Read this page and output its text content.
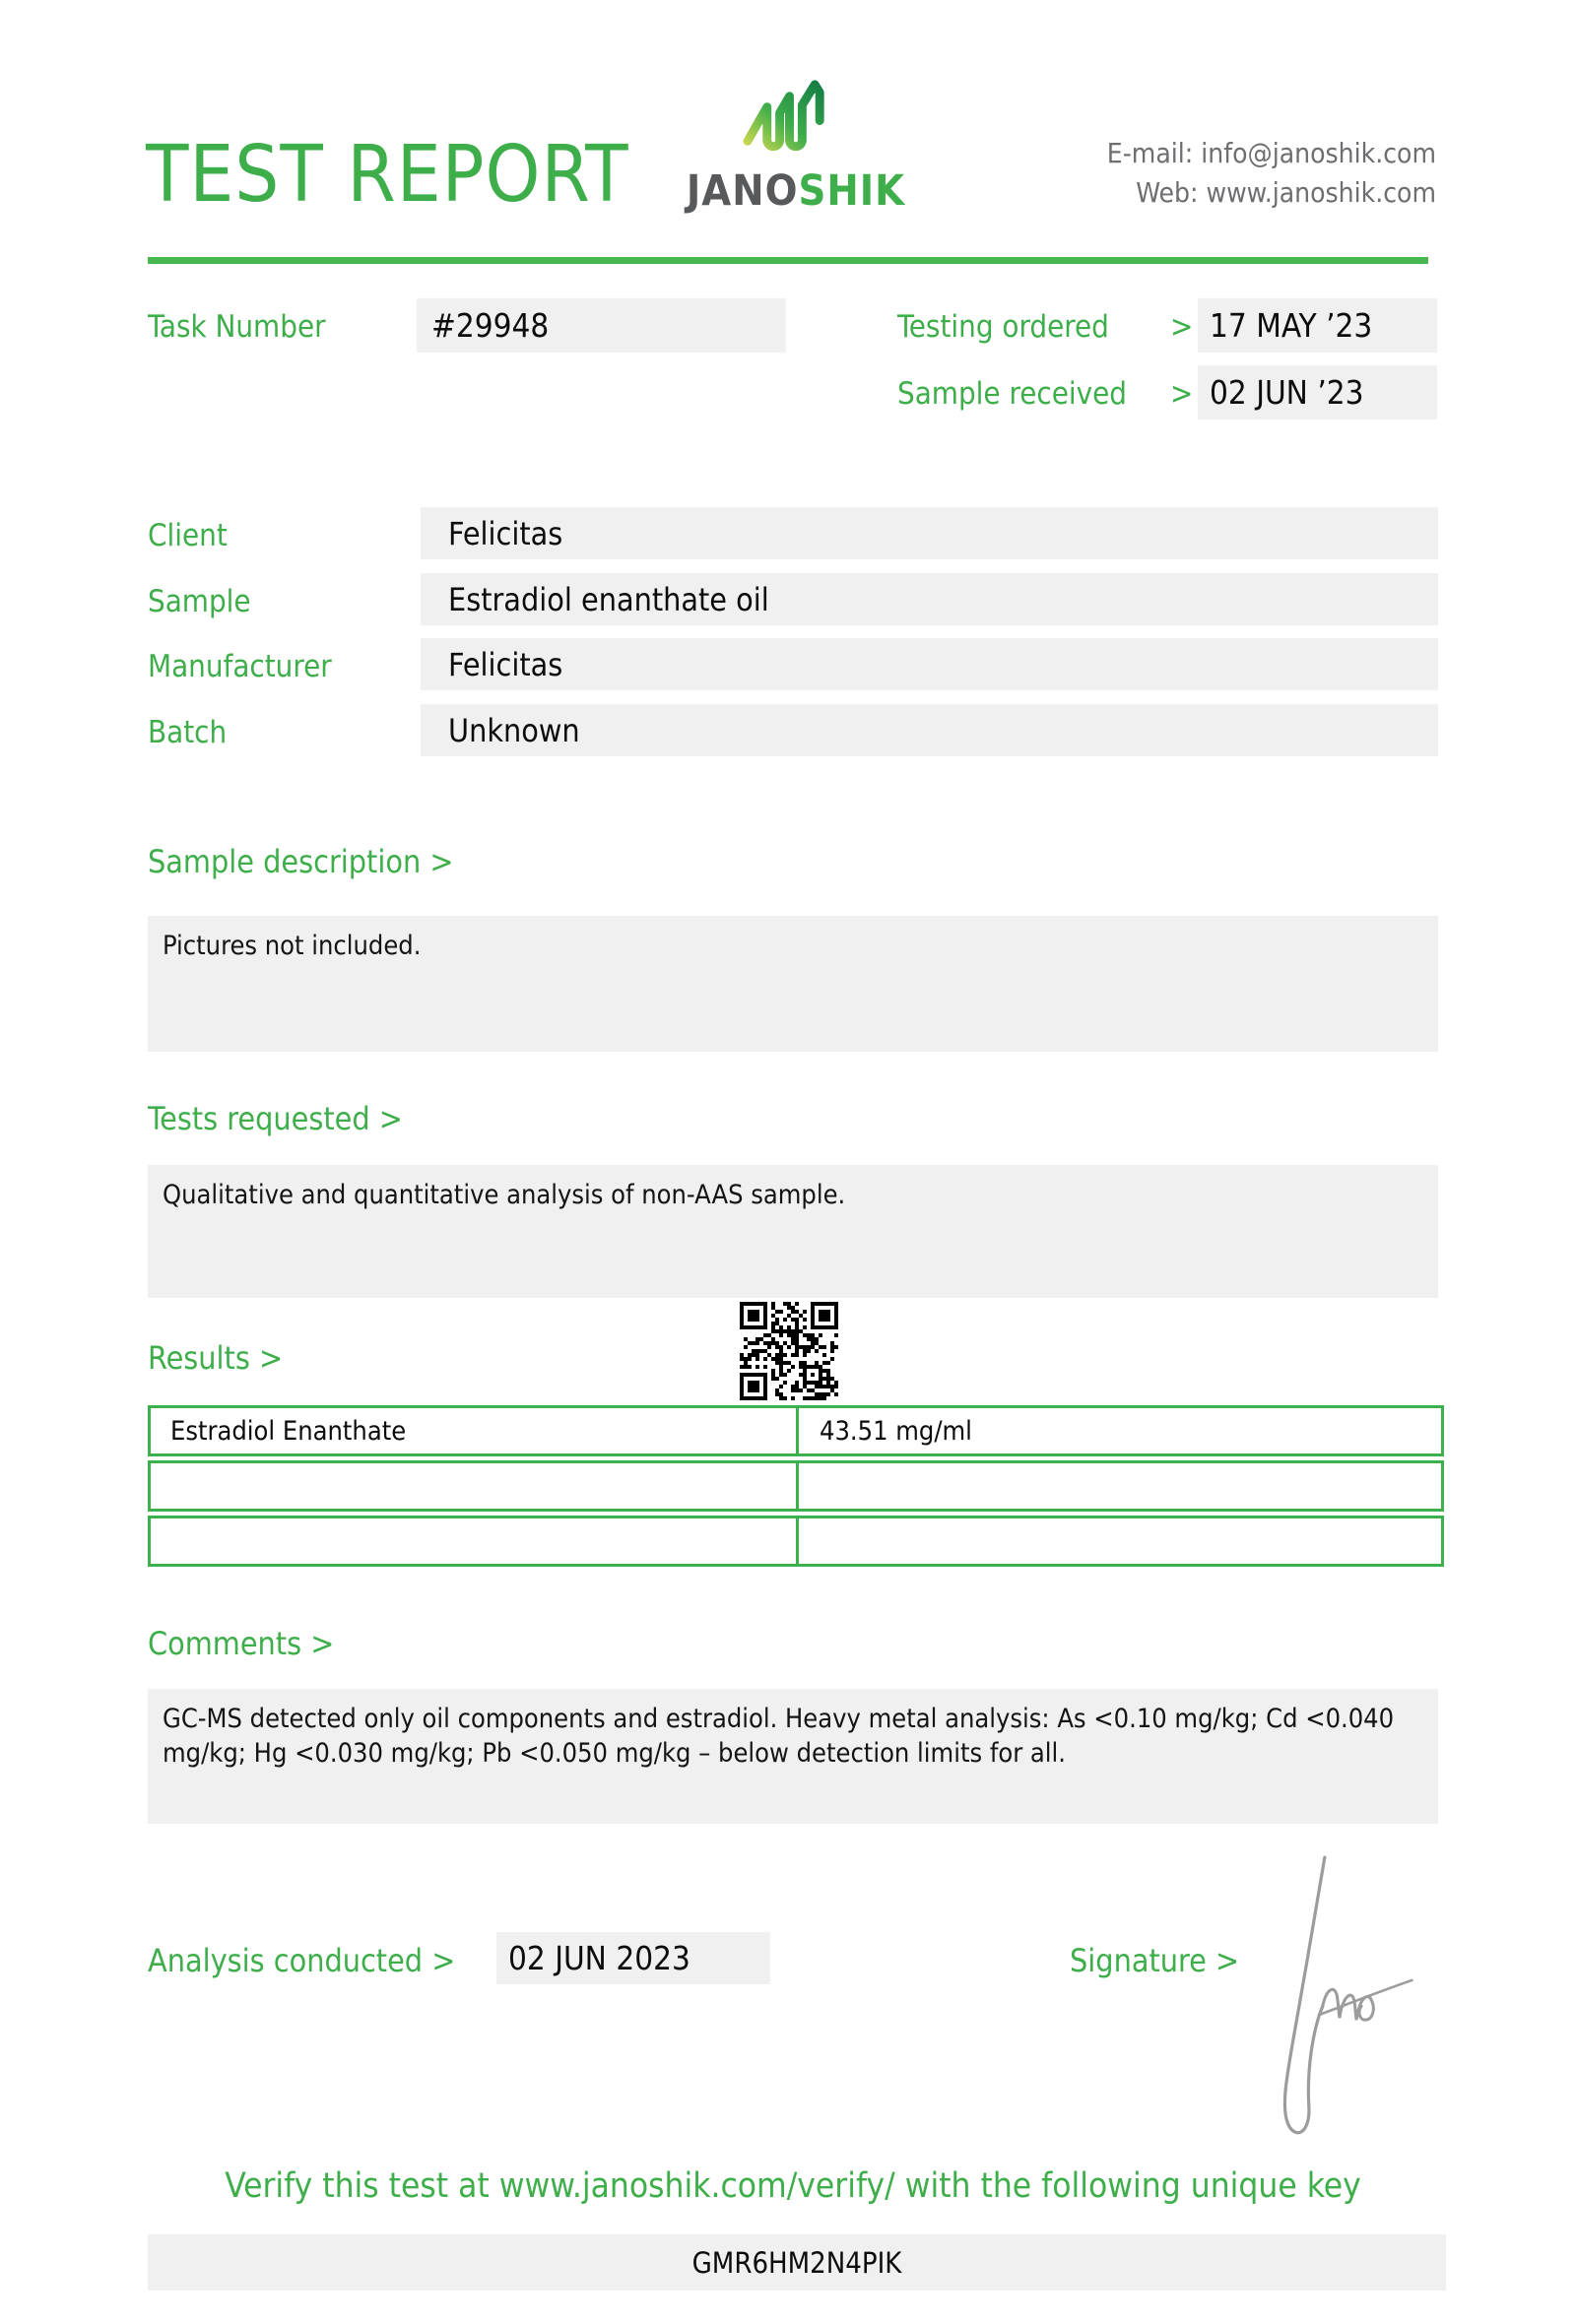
TEST REPORT JANOSHIK
E-mail: info@janoshik.com
Web: www.janoshik.com
Task Number	#29948	Testing ordered > 17 MAY ’23
Sample received > 02 JUN ’23
Client	Felicitas
Sample	Estradiol enanthate oil
Manufacturer	Felicitas
Batch	Unknown
Sample description >
Pictures not included.
Tests requested >
Qualitative and quantitative analysis of non-AAS sample.
Results >
Estradiol Enanthate	43.51 mg/ml
Comments >
GC-MS detected only oil components and estradiol. Heavy metal analysis: As <0.10 mg/kg; Cd <0.040 mg/kg; Hg <0.030 mg/kg; Pb <0.050 mg/kg – below detection limits for all.
Analysis conducted > 02 JUN 2023	Signature >
Verify this test at www.janoshik.com/verify/ with the following unique key
GMR6HM2N4PIK
